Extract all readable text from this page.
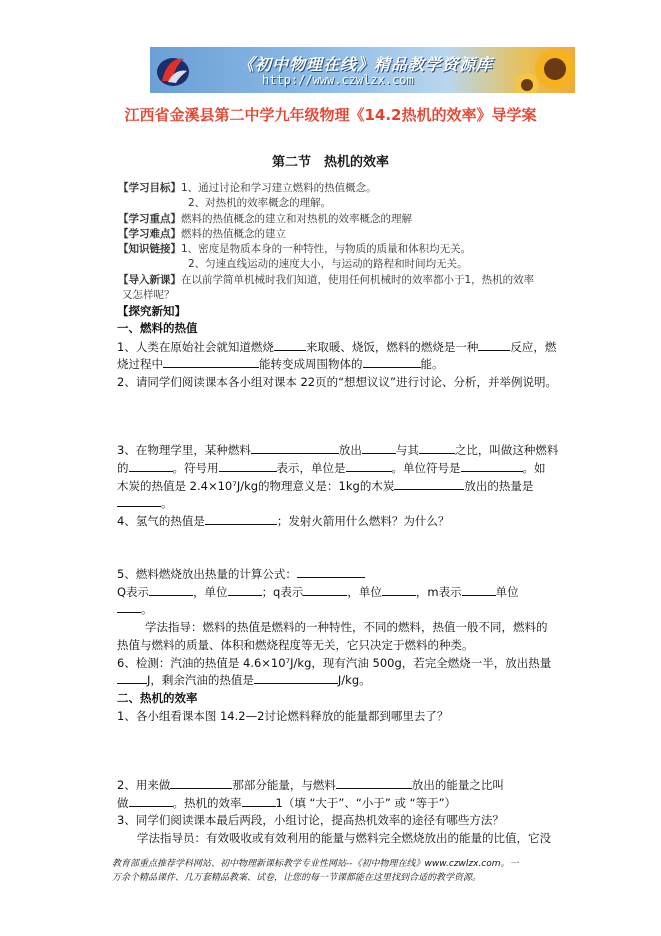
《初中物理在线》精品教学资源库
http://www.czwlzx.com
江西省金溪县第二中学九年级物理《14.2热机的效率》导学案
第二节　热机的效率
【学习目标】1、通过讨论和学习建立燃料的热值概念。
2、对热机的效率概念的理解。
【学习重点】燃料的热值概念的建立和对热机的效率概念的理解
【学习难点】燃料的热值概念的建立
【知识链接】1、密度是物质本身的一种特性，与物质的质量和体积均无关。
2、匀速直线运动的速度大小，与运动的路程和时间均无关。
【导入新课】在以前学简单机械时我们知道，使用任何机械时的效率都小于1，热机的效率
又怎样呢？
【探究新知】
一、燃料的热值
1、人类在原始社会就知道燃烧	来取暖、烧饭，燃料的燃烧是一种	反应，燃
烧过程中	能转变成周围物体的	能。
2、请同学们阅读课本各小组对课本 22页的“想想议议”进行讨论、分析，并举例说明。
3、在物理学里，某种燃料	放出	与其	之比，叫做这种燃料
的	。符号用	表示，单位是	。单位符号是	。如
木炭的热值是 2.4×10⁷J/kg的物理意义是：1kg的木炭	放出的热量是
。
4、氢气的热值是	；发射火箭用什么燃料？为什么？
5、燃料燃烧放出热量的计算公式：
Q表示	，单位	；q表示	，单位	，m表示	单位
。
学法指导：燃料的热值是燃料的一种特性，不同的燃料，热值一般不同，燃料的
热值与燃料的质量、体积和燃烧程度等无关，它只决定于燃料的种类。
6、检测：汽油的热值是 4.6×10⁷J/kg，现有汽油 500g，若完全燃烧一半，放出热量
J，剩余汽油的热值是	J/kg。
二、热机的效率
1、各小组看课本图 14.2—2讨论燃料释放的能量都到哪里去了？
2、用来做	那部分能量，与燃料	放出的能量之比叫
做	。热机的效率	1（填 “大于”、“小于” 或 “等于”）
3、同学们阅读课本最后两段，小组讨论，提高热机效率的途径有哪些方法？
学法指导员：有效吸收或有效利用的能量与燃料完全燃烧放出的能量的比值，它没
教育部重点推荐学科网站、初中物理新课标教学专业性网站--《初中物理在线》www.czwlzx.com。一
万余个精品课件、几万套精品教案、试卷，让您的每一节课都能在这里找到合适的教学资源。
